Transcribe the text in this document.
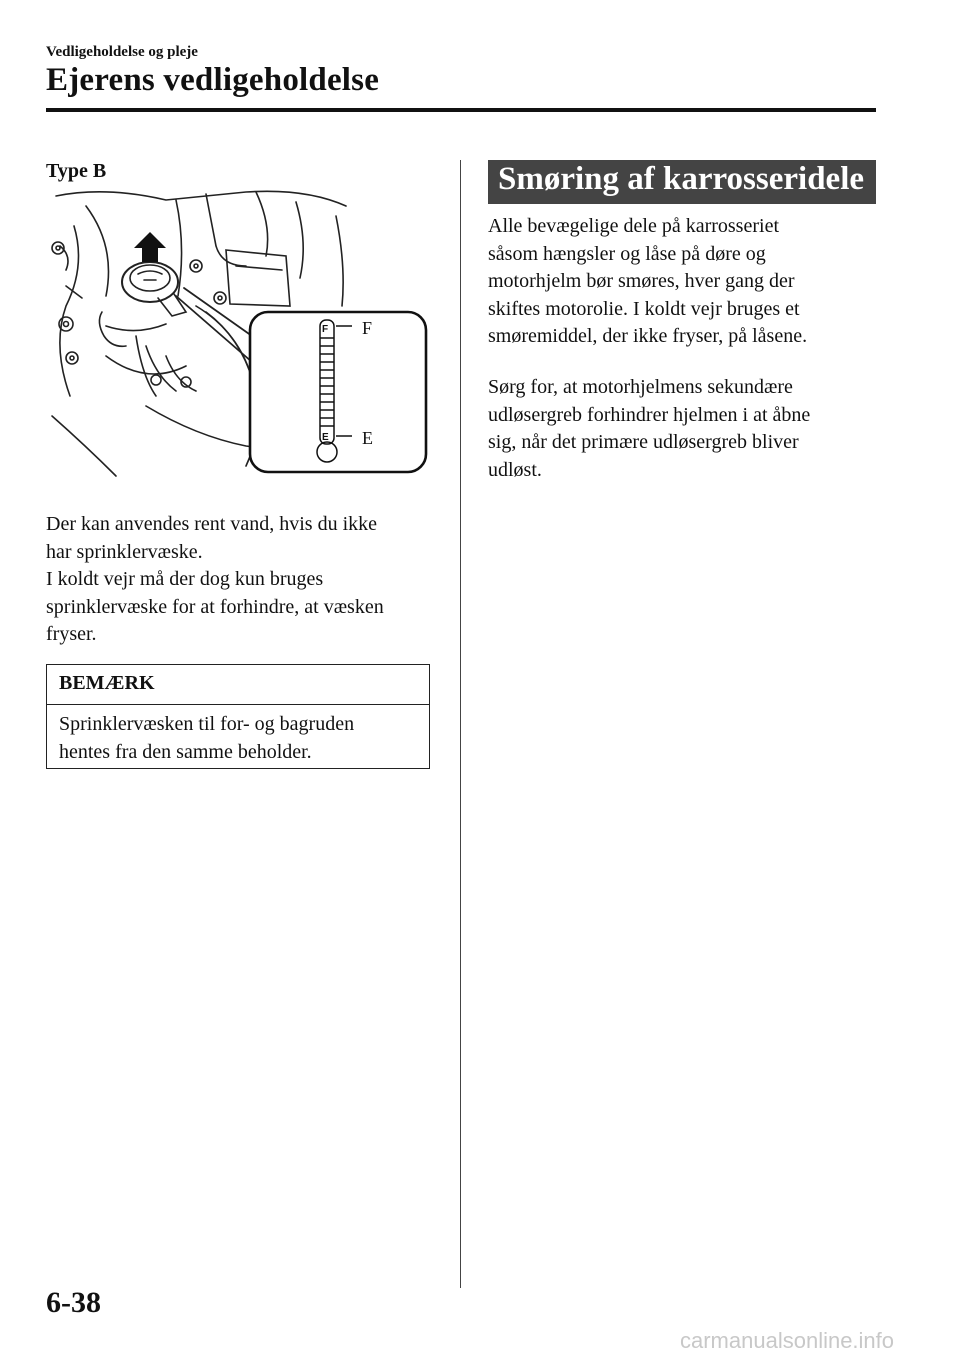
Vedligeholdelse og pleje
Ejerens vedligeholdelse
Type B
F
E
F
E
Der kan anvendes rent vand, hvis du ikke
har sprinklervæske.
I koldt vejr må der dog kun bruges
sprinklervæske for at forhindre, at væsken
fryser.
BEMÆRK
Sprinklervæsken til for- og bagruden
hentes fra den samme beholder.
Smøring af karrosseridele
Alle bevægelige dele på karrosseriet
såsom hængsler og låse på døre og
motorhjelm bør smøres, hver gang der
skiftes motorolie. I koldt vejr bruges et
smøremiddel, der ikke fryser, på låsene.
Sørg for, at motorhjelmens sekundære
udløsergreb forhindrer hjelmen i at åbne
sig, når det primære udløsergreb bliver
udløst.
6-38
carmanualsonline.info
